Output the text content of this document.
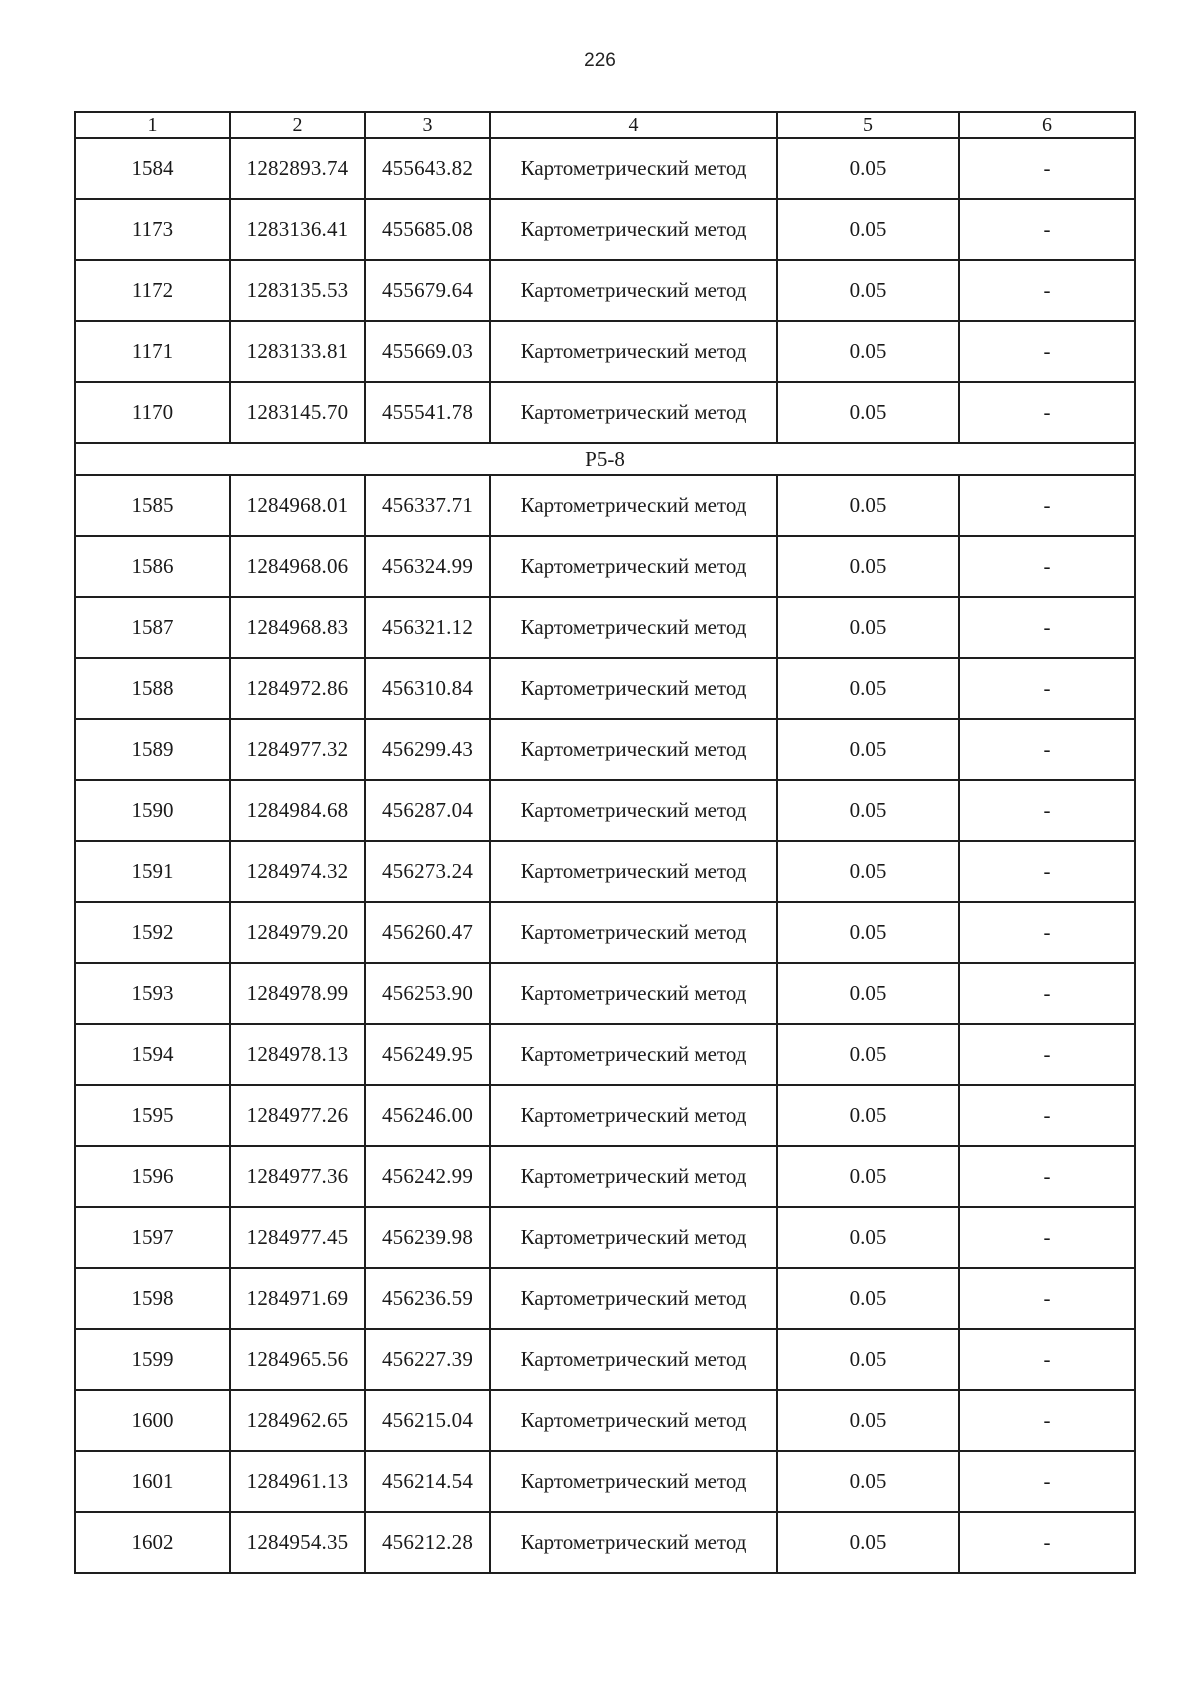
226
1	2	3	4	5	6
1584	1282893.74	455643.82	Картометрический метод	0.05	-
1173	1283136.41	455685.08	Картометрический метод	0.05	-
1172	1283135.53	455679.64	Картометрический метод	0.05	-
1171	1283133.81	455669.03	Картометрический метод	0.05	-
1170	1283145.70	455541.78	Картометрический метод	0.05	-
Р5-8					
1585	1284968.01	456337.71	Картометрический метод	0.05	-
1586	1284968.06	456324.99	Картометрический метод	0.05	-
1587	1284968.83	456321.12	Картометрический метод	0.05	-
1588	1284972.86	456310.84	Картометрический метод	0.05	-
1589	1284977.32	456299.43	Картометрический метод	0.05	-
1590	1284984.68	456287.04	Картометрический метод	0.05	-
1591	1284974.32	456273.24	Картометрический метод	0.05	-
1592	1284979.20	456260.47	Картометрический метод	0.05	-
1593	1284978.99	456253.90	Картометрический метод	0.05	-
1594	1284978.13	456249.95	Картометрический метод	0.05	-
1595	1284977.26	456246.00	Картометрический метод	0.05	-
1596	1284977.36	456242.99	Картометрический метод	0.05	-
1597	1284977.45	456239.98	Картометрический метод	0.05	-
1598	1284971.69	456236.59	Картометрический метод	0.05	-
1599	1284965.56	456227.39	Картометрический метод	0.05	-
1600	1284962.65	456215.04	Картометрический метод	0.05	-
1601	1284961.13	456214.54	Картометрический метод	0.05	-
1602	1284954.35	456212.28	Картометрический метод	0.05	-
